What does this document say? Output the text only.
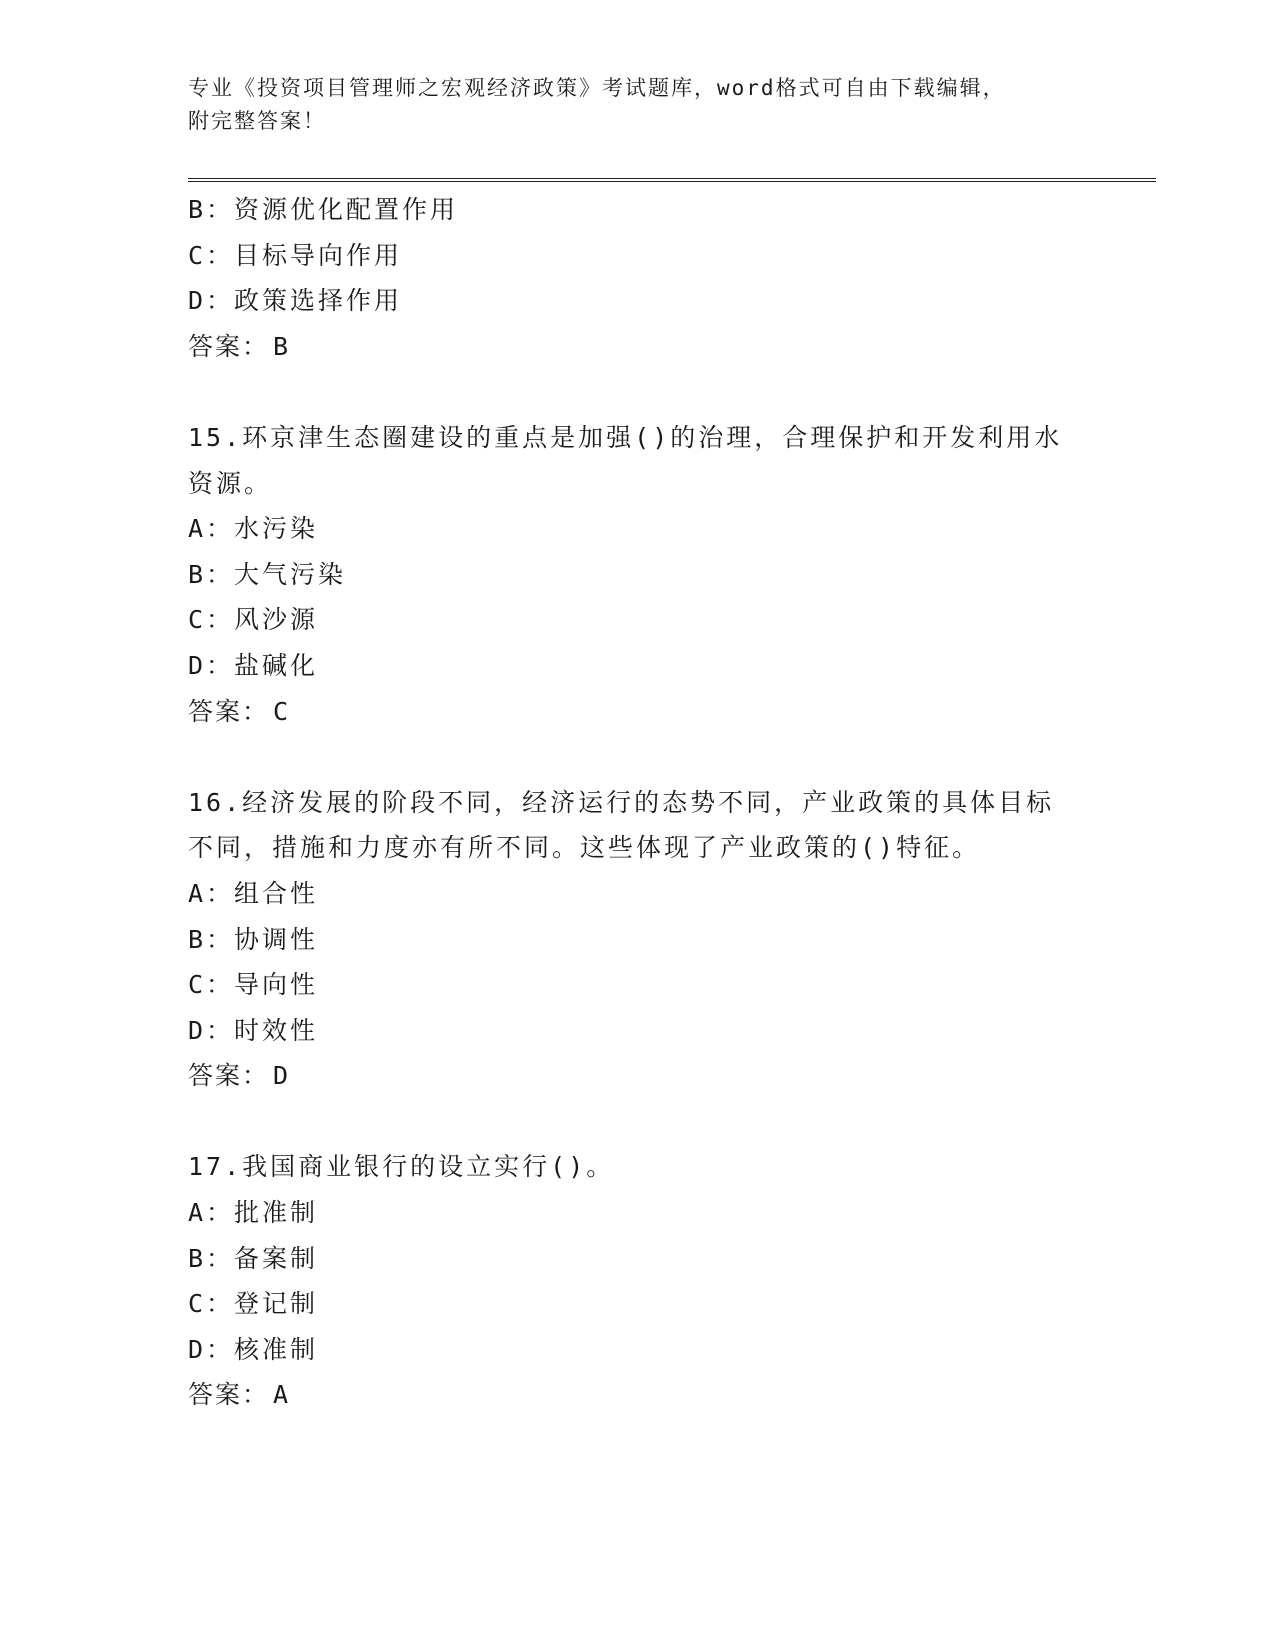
专业《投资项目管理师之宏观经济政策》考试题库，word格式可自由下载编辑，
附完整答案！
B：资源优化配置作用
C：目标导向作用
D：政策选择作用
答案： B
15.环京津生态圈建设的重点是加强()的治理，合理保护和开发利用水
资源。
A：水污染
B：大气污染
C：风沙源
D：盐碱化
答案： C
16.经济发展的阶段不同，经济运行的态势不同，产业政策的具体目标
不同，措施和力度亦有所不同。这些体现了产业政策的()特征。
A：组合性
B：协调性
C：导向性
D：时效性
答案： D
17.我国商业银行的设立实行()。
A：批准制
B：备案制
C：登记制
D：核准制
答案： A
